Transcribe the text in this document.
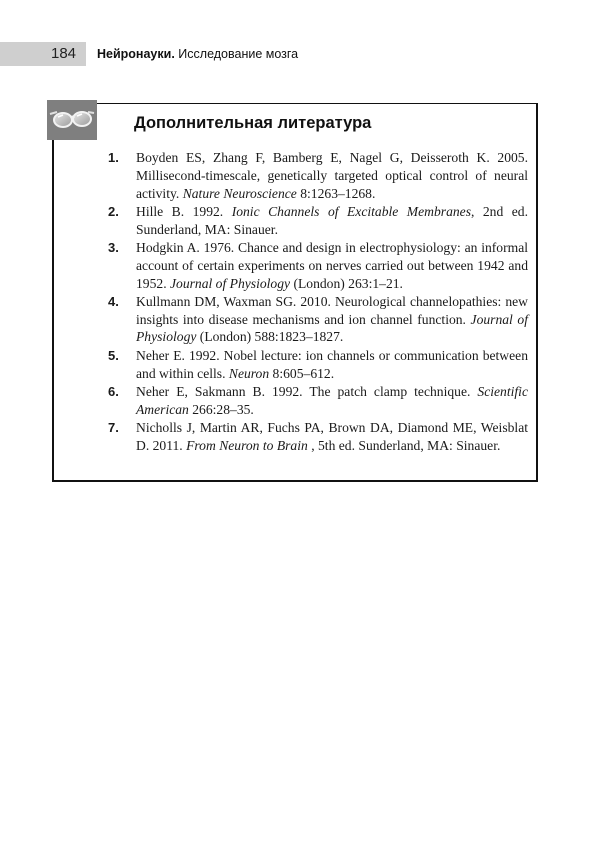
184 Нейронауки. Исследование мозга
Дополнительная литература
1. Boyden ES, Zhang F, Bamberg E, Nagel G, Deisseroth K. 2005. Millisecond-timescale, genetically targeted optical control of neural activity. Nature Neuroscience 8:1263–1268.
2. Hille B. 1992. Ionic Channels of Excitable Membranes, 2nd ed. Sunderland, MA: Sinauer.
3. Hodgkin A. 1976. Chance and design in electrophysiology: an informal account of certain experiments on nerves carried out between 1942 and 1952. Journal of Physiology (London) 263:1–21.
4. Kullmann DM, Waxman SG. 2010. Neurological channelopathies: new insights into disease mechanisms and ion channel function. Journal of Physiology (London) 588:1823–1827.
5. Neher E. 1992. Nobel lecture: ion channels or communication between and within cells. Neuron 8:605–612.
6. Neher E, Sakmann B. 1992. The patch clamp technique. Scientific American 266:28–35.
7. Nicholls J, Martin AR, Fuchs PA, Brown DA, Diamond ME, Weisblat D. 2011. From Neuron to Brain , 5th ed. Sunderland, MA: Sinauer.
